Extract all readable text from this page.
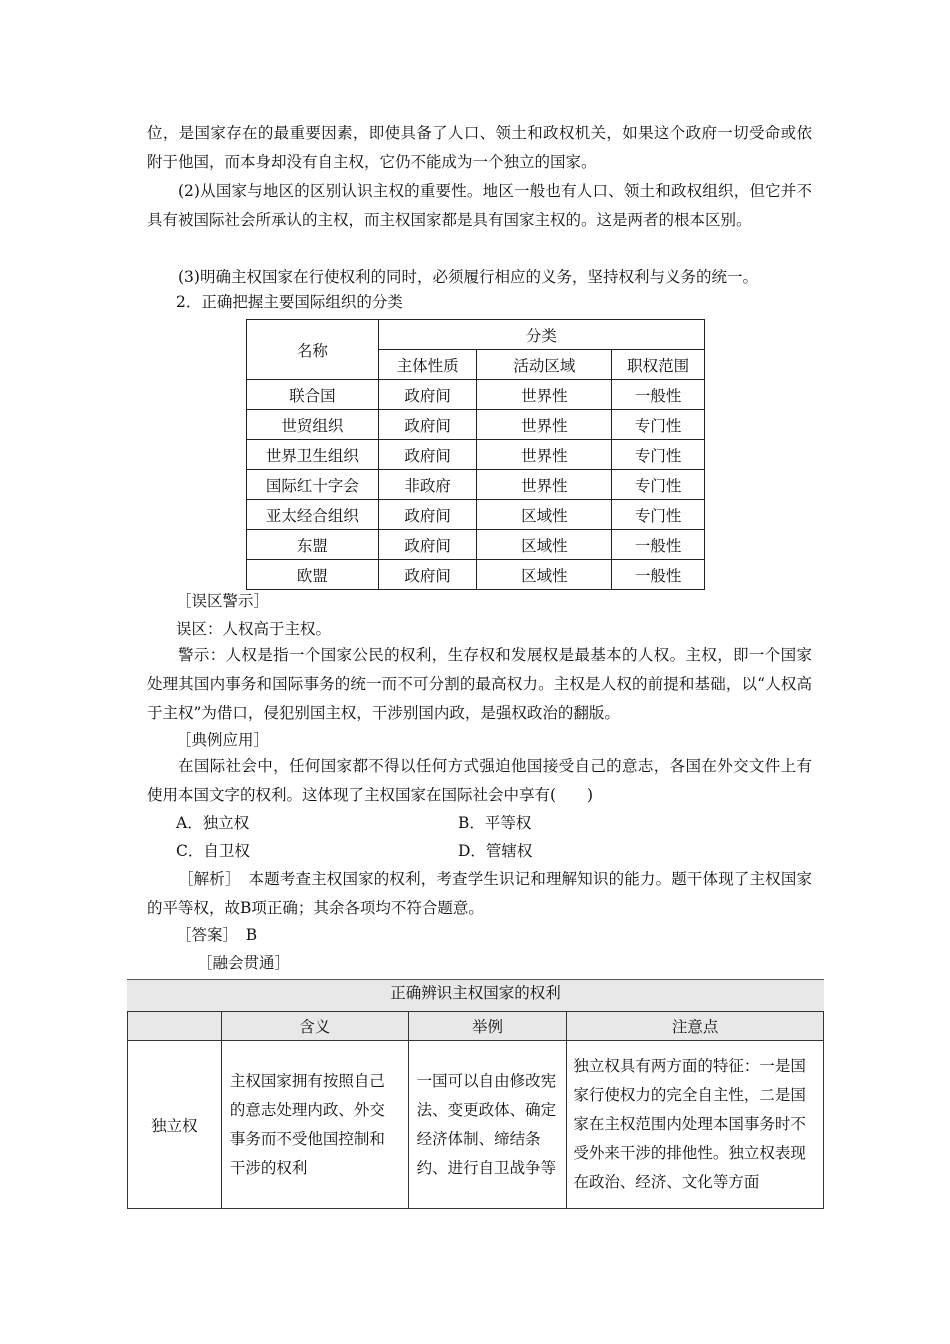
位，是国家存在的最重要因素，即使具备了人口、领土和政权机关，如果这个政府一切受命或依附于他国，而本身却没有自主权，它仍不能成为一个独立的国家。
(2)从国家与地区的区别认识主权的重要性。地区一般也有人口、领土和政权组织，但它并不具有被国际社会所承认的主权，而主权国家都是具有国家主权的。这是两者的根本区别。
(3)明确主权国家在行使权利的同时，必须履行相应的义务，坚持权利与义务的统一。
2．正确把握主要国际组织的分类
名称	分类		
	主体性质	活动区域	职权范围
联合国	政府间	世界性	一般性
世贸组织	政府间	世界性	专门性
世界卫生组织	政府间	世界性	专门性
国际红十字会	非政府	世界性	专门性
亚太经合组织	政府间	区域性	专门性
东盟	政府间	区域性	一般性
欧盟	政府间	区域性	一般性
［误区警示］
误区：人权高于主权。
警示：人权是指一个国家公民的权利，生存权和发展权是最基本的人权。主权，即一个国家处理其国内事务和国际事务的统一而不可分割的最高权力。主权是人权的前提和基础，以“人权高于主权”为借口，侵犯别国主权，干涉别国内政，是强权政治的翻版。
［典例应用］
在国际社会中，任何国家都不得以任何方式强迫他国接受自己的意志，各国在外交文件上有使用本国文字的权利。这体现了主权国家在国际社会中享有(　　)
A．独立权	B．平等权
C．自卫权	D．管辖权
［解析］　本题考查主权国家的权利，考查学生识记和理解知识的能力。题干体现了主权国家的平等权，故B项正确；其余各项均不符合题意。
［答案］　B
［融会贯通］
正确辨识主权国家的权利
	含义	举例	注意点
独立权	主权国家拥有按照自己的意志处理内政、外交事务而不受他国控制和干涉的权利	一国可以自由修改宪法、变更政体、确定经济体制、缔结条约、进行自卫战争等	独立权具有两方面的特征：一是国家行使权力的完全自主性，二是国家在主权范围内处理本国事务时不受外来干涉的排他性。独立权表现在政治、经济、文化等方面
